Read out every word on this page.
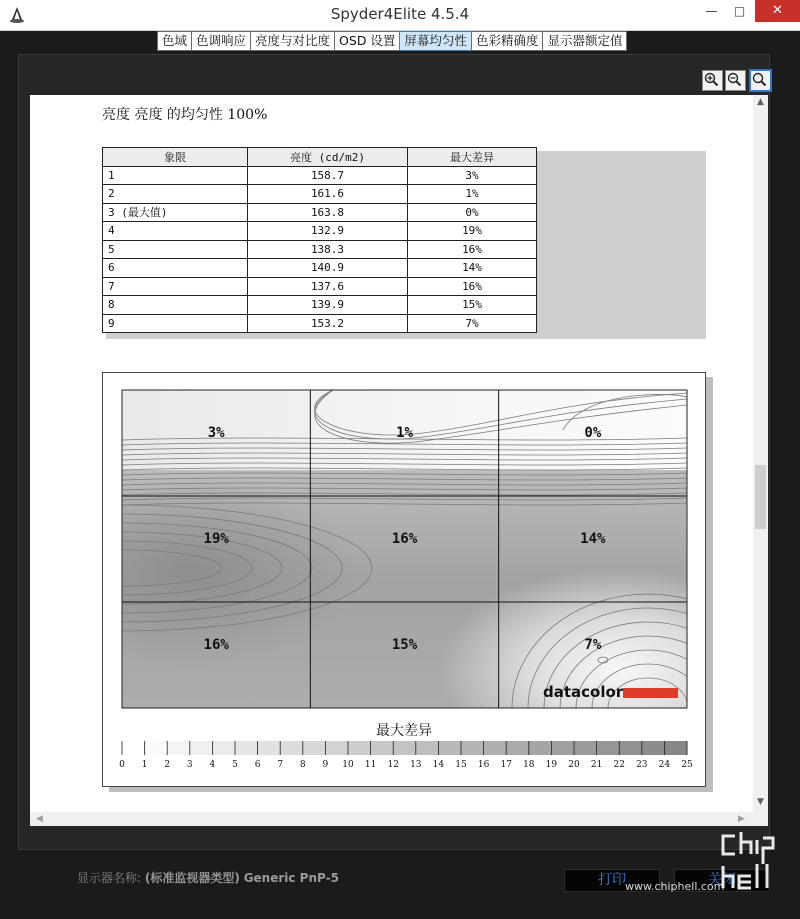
Spyder4Elite 4.5.4	—	□	✕
色域 色调响应 亮度与对比度 OSD 设置 屏幕均匀性 色彩精确度 显示器额定值
亮度 亮度 的均匀性 100%
象限	亮度 (cd/m2)	最大差异
1	158.7	3%
2	161.6	1%
3 (最大值)	163.8	0%
4	132.9	19%
5	138.3	16%
6	140.9	14%
7	137.6	16%
8	139.9	15%
9	153.2	7%
3%	1%	0%
19%	16%	14%
16%	15%	7%
datacolor
最大差异
0 1 2 3 4 5 6 7 8 9 10 11 12 13 14 15 16 17 18 19 20 21 22 23 24 25
▲
▼
◀	▶
显示器名称: (标准监视器类型) Generic PnP-5	打印	关闭
www.chiphell.com
